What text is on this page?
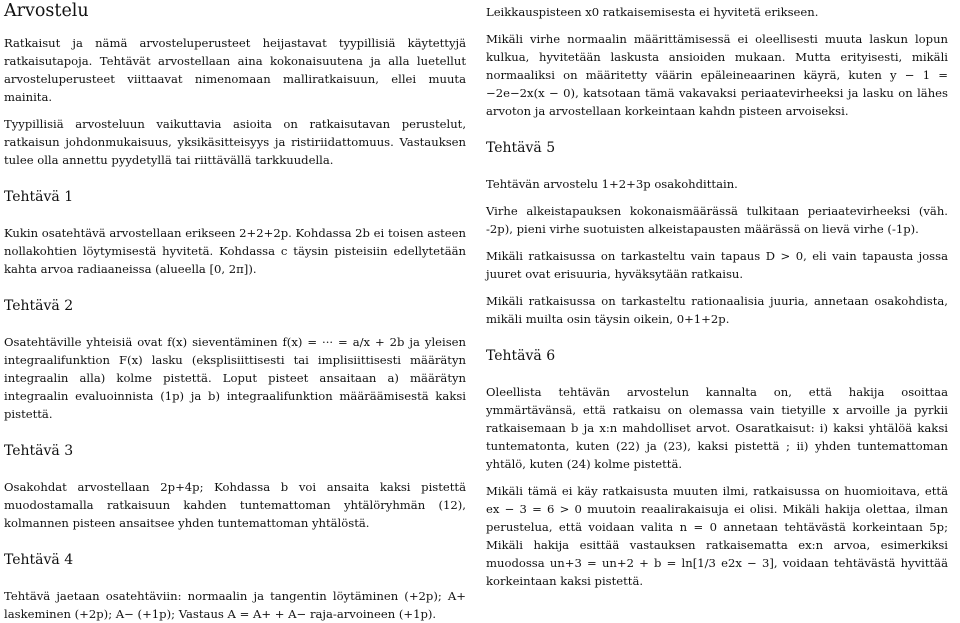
Arvostelu

Ratkaisut ja nämä arvosteluperusteet heijastavat tyypillisiä käytettyjä ratkaisutapoja. Tehtävät arvostellaan aina kokonaisuutena ja alla luetellut arvosteluperusteet viittaavat nimenomaan malliratkaisuun, ellei muuta mainita.

Tyypillisiä arvosteluun vaikuttavia asioita on ratkaisutavan perustelut, ratkaisun johdonmukaisuus, yksikäsitteisyys ja ristiriidattomuus. Vastauksen tulee olla annettu pyydetyllä tai riittävällä tarkkuudella.

Tehtävä 1

Kukin osatehtävä arvostellaan erikseen 2+2+2p. Kohdassa 2b ei toisen asteen nollakohtien löytymisestä hyvitetä. Kohdassa c täysin pisteisiin edellytetään kahta arvoa radiaaneissa (alueella [0, 2π]).

Tehtävä 2

Osatehtäville yhteisiä ovat f(x) sieventäminen f(x) = ··· = a/x + 2b ja yleisen integraalifunktion F(x) lasku (eksplisiittisesti tai implisiittisesti määrätyn integraalin alla) kolme pistettä. Loput pisteet ansaitaan a) määrätyn integraalin evaluoinnista (1p) ja b) integraalifunktion määräämisestä kaksi pistettä.

Tehtävä 3

Osakohdat arvostellaan 2p+4p; Kohdassa b voi ansaita kaksi pistettä muodostamalla ratkaisuun kahden tuntemattoman yhtälöryhmän (12), kolmannen pisteen ansaitsee yhden tuntemattoman yhtälöstä.

Tehtävä 4

Tehtävä jaetaan osatehtäviin: normaalin ja tangentin löytäminen (+2p); A+ laskeminen (+2p); A− (+1p); Vastaus A = A+ + A− raja-arvoineen (+1p).

Leikkauspisteen x0 ratkaisemisesta ei hyvitetä erikseen.

Mikäli virhe normaalin määrittämisessä ei oleellisesti muuta laskun lopun kulkua, hyvitetään laskusta ansioiden mukaan. Mutta erityisesti, mikäli normaaliksi on määritetty väärin epäleineaarinen käyrä, kuten y − 1 = −2e−2x(x − 0), katsotaan tämä vakavaksi periaatevirheeksi ja lasku on lähes arvoton ja arvostellaan korkeintaan kahdn pisteen arvoiseksi.

Tehtävä 5

Tehtävän arvostelu 1+2+3p osakohdittain.

Virhe alkeistapauksen kokonaismäärässä tulkitaan periaatevirheeksi (väh. -2p), pieni virhe suotuisten alkeistapausten määrässä on lievä virhe (-1p).

Mikäli ratkaisussa on tarkasteltu vain tapaus D > 0, eli vain tapausta jossa juuret ovat erisuuria, hyväksytään ratkaisu.

Mikäli ratkaisussa on tarkasteltu rationaalisia juuria, annetaan osakohdista, mikäli muilta osin täysin oikein, 0+1+2p.

Tehtävä 6

Oleellista tehtävän arvostelun kannalta on, että hakija osoittaa ymmärtävänsä, että ratkaisu on olemassa vain tietyille x arvoille ja pyrkii ratkaisemaan b ja x:n mahdolliset arvot. Osaratkaisut: i) kaksi yhtälöä kaksi tuntematonta, kuten (22) ja (23), kaksi pistettä ; ii) yhden tuntemattoman yhtälö, kuten (24) kolme pistettä.

Mikäli tämä ei käy ratkaisusta muuten ilmi, ratkaisussa on huomioitava, että ex − 3 = 6 > 0 muutoin reaalirakaisuja ei olisi. Mikäli hakija olettaa, ilman perustelua, että voidaan valita n = 0 annetaan tehtävästä korkeintaan 5p; Mikäli hakija esittää vastauksen ratkaisematta ex:n arvoa, esimerkiksi muodossa un+3 = un+2 + b = ln[1/3 e2x − 3], voidaan tehtävästä hyvittää korkeintaan kaksi pistettä.
